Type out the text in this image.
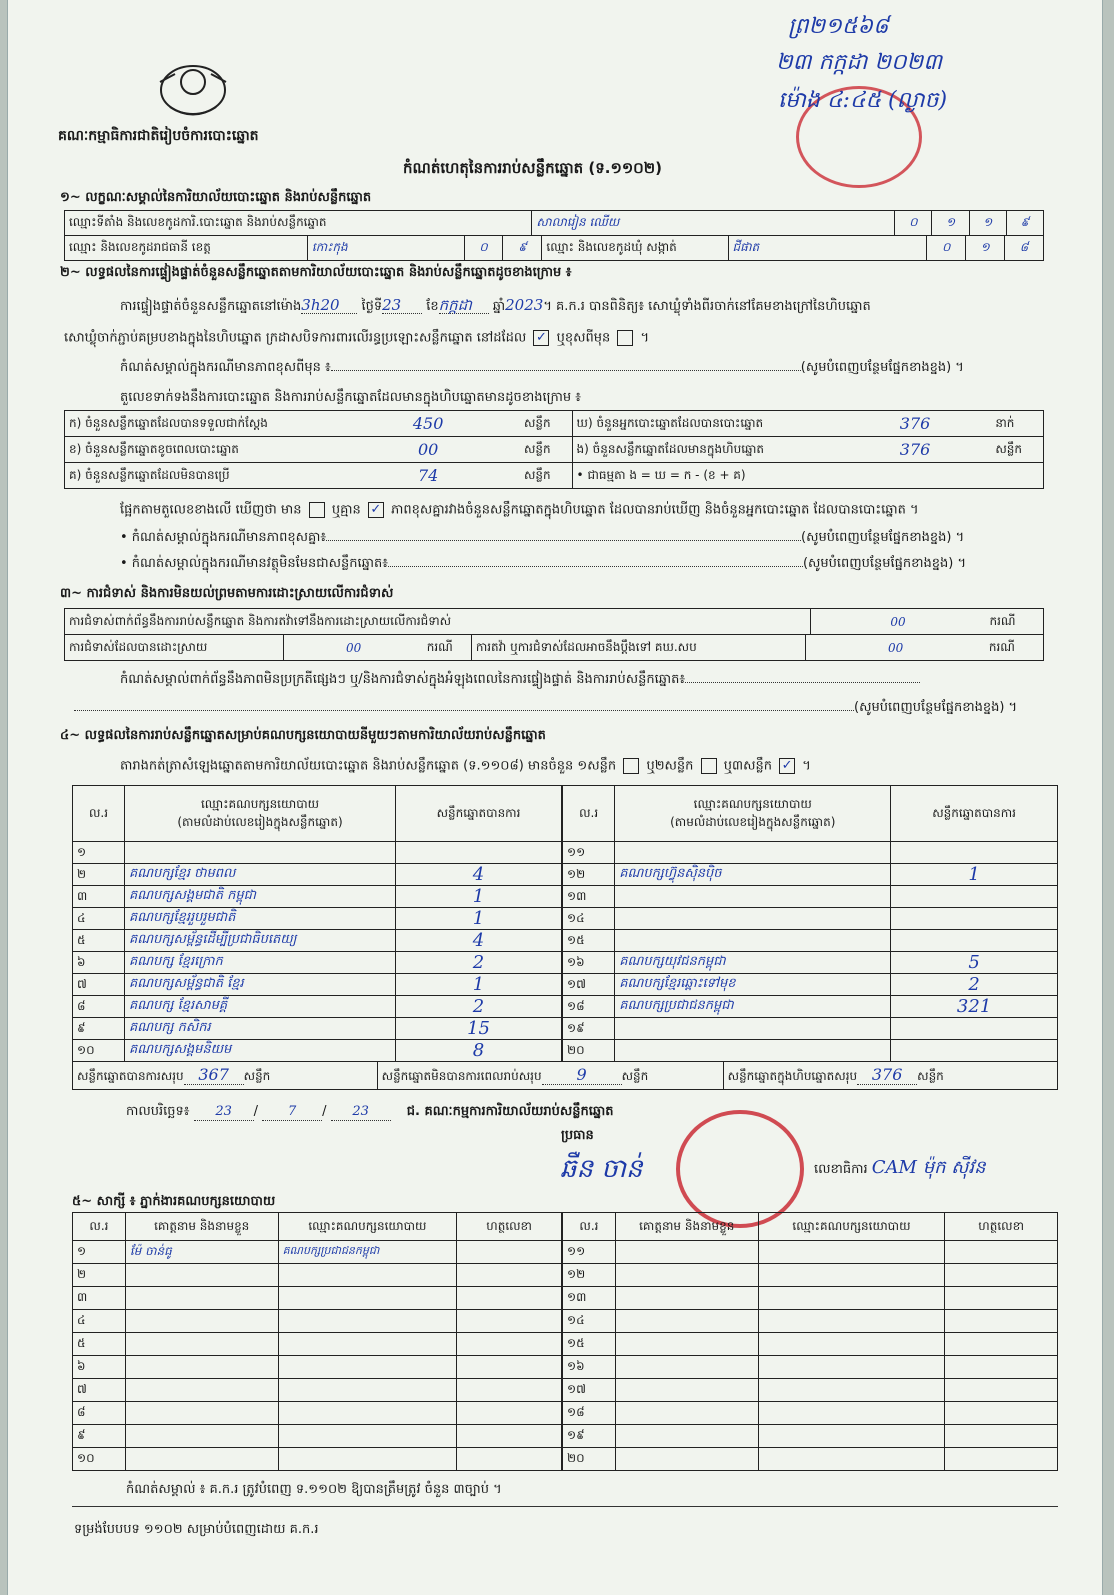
គណៈកម្មាធិការជាតិរៀបចំការបោះឆ្នោត
កំណត់ហេតុនៃការរាប់សន្លឹកឆ្នោត (ទ.១១០២)
ព្រ២១៥៦៨
២៣ កក្កដា ២០២៣
ម៉ោង ៤:៤៥ (ល្ងាច)
១~ លក្ខណៈសម្គាល់នៃការិយាល័យបោះឆ្នោត និងរាប់សន្លឹកឆ្នោត
ឈ្មោះទីតាំង និងលេខកូដការិ.បោះឆ្នោត និងរាប់សន្លឹកឆ្នោត	សាលារៀន ឈើយ	០	១	១	៩
ឈ្មោះ និងលេខកូដរាជធានី ខេត្ត	កោះកុង	០	៩	ឈ្មោះ និងលេខកូដឃុំ សង្កាត់	ជីផាត	០	១	៨
២~ លទ្ធផលនៃការផ្ទៀងផ្ទាត់ចំនួនសន្លឹកឆ្នោតតាមការិយាល័យបោះឆ្នោត និងរាប់សន្លឹកឆ្នោតដូចខាងក្រោម ៖
ការផ្ទៀងផ្ទាត់ចំនួនសន្លឹកឆ្នោតនៅម៉ោង3h20 ថ្ងៃទី23 ខែកក្កដា ឆ្នាំ2023។ គ.ក.រ បានពិនិត្យ៖ សោឃ្លុំទាំងពីរចាក់នៅគែមខាងក្រៅនៃហិបឆ្នោត
សោឃ្លុំចាក់ភ្ជាប់គម្របខាងក្នុងនៃហិបឆ្នោត ក្រដាសបិទការពារលើរន្ធប្រឡោះសន្លឹកឆ្នោត នៅដដែល ✓ ឬខុសពីមុន  ។
កំណត់សម្គាល់ក្នុងករណីមានភាពខុសពីមុន ៖	(សូមបំពេញបន្ថែមផ្នែកខាងខ្នង) ។
តួលេខទាក់ទងនឹងការបោះឆ្នោត និងការរាប់សន្លឹកឆ្នោតដែលមានក្នុងហិបឆ្នោតមានដូចខាងក្រោម ៖
ក) ចំនួនសន្លឹកឆ្នោតដែលបានទទួលជាក់ស្តែង	450	សន្លឹក	ឃ) ចំនួនអ្នកបោះឆ្នោតដែលបានបោះឆ្នោត	376	នាក់
ខ) ចំនួនសន្លឹកឆ្នោតខូចពេលបោះឆ្នោត	00	សន្លឹក	ង) ចំនួនសន្លឹកឆ្នោតដែលមានក្នុងហិបឆ្នោត	376	សន្លឹក
គ) ចំនួនសន្លឹកឆ្នោតដែលមិនបានប្រើ	74	សន្លឹក	• ជាធម្មតា ង = ឃ = ក - (ខ + គ)		
ផ្អែកតាមតួលេខខាងលើ ឃើញថា មាន ឬគ្មាន ✓ ភាពខុសគ្នារវាងចំនួនសន្លឹកឆ្នោតក្នុងហិបឆ្នោត ដែលបានរាប់ឃើញ និងចំនួនអ្នកបោះឆ្នោត ដែលបានបោះឆ្នោត ។
• កំណត់សម្គាល់ក្នុងករណីមានភាពខុសគ្នា៖	(សូមបំពេញបន្ថែមផ្នែកខាងខ្នង) ។
• កំណត់សម្គាល់ក្នុងករណីមានវត្ថុមិនមែនជាសន្លឹកឆ្នោត៖	(សូមបំពេញបន្ថែមផ្នែកខាងខ្នង) ។
៣~ ការជំទាស់ និងការមិនយល់ព្រមតាមការដោះស្រាយលើការជំទាស់
ការជំទាស់ពាក់ព័ន្ធនឹងការរាប់សន្លឹកឆ្នោត និងការតវ៉ាទៅនឹងការដោះស្រាយលើការជំទាស់	00	ករណី
ការជំទាស់ដែលបានដោះស្រាយ	00	ករណី	ការតវ៉ា ឬការជំទាស់ដែលអាចនឹងប្តឹងទៅ គឃ.សប	00	ករណី
កំណត់សម្គាល់ពាក់ព័ន្ធនឹងភាពមិនប្រក្រតីផ្សេងៗ ឬ/និងការជំទាស់ក្នុងអំឡុងពេលនៃការផ្ទៀងផ្ទាត់ និងការរាប់សន្លឹកឆ្នោត៖
(សូមបំពេញបន្ថែមផ្នែកខាងខ្នង) ។
៤~ លទ្ធផលនៃការរាប់សន្លឹកឆ្នោតសម្រាប់គណបក្សនយោបាយនីមួយៗតាមការិយាល័យរាប់សន្លឹកឆ្នោត
តារាងកត់ត្រាសំឡេងឆ្នោតតាមការិយាល័យបោះឆ្នោត និងរាប់សន្លឹកឆ្នោត (ទ.១១០៨) មានចំនួន ១សន្លឹក ឬ២សន្លឹក ឬ៣សន្លឹក ✓ ។
ល.រ	ឈ្មោះគណបក្សនយោបាយ
(តាមលំដាប់លេខរៀងក្នុងសន្លឹកឆ្នោត)	សន្លឹកឆ្នោតបានការ
១		
២	គណបក្សខ្មែរ ថាមពល	4
៣	គណបក្សសង្គមជាតិ កម្ពុជា	1
៤	គណបក្សខ្មែររួបរួមជាតិ	1
៥	គណបក្សសម្ព័ន្ធដើម្បីប្រជាធិបតេយ្យ	4
៦	គណបក្ស ខ្មែរក្រោក	2
៧	គណបក្សសម្ព័ន្ធជាតិ ខ្មែរ	1
៨	គណបក្ស ខ្មែរសាមគ្គី	2
៩	គណបក្ស កសិករ	15
១០	គណបក្សសង្គមនិយម	8
ល.រ	ឈ្មោះគណបក្សនយោបាយ
(តាមលំដាប់លេខរៀងក្នុងសន្លឹកឆ្នោត)	សន្លឹកឆ្នោតបានការ
១១		
១២	គណបក្សហ៊្វុនស៊ិនប៉ិច	1
១៣		
១៤		
១៥		
១៦	គណបក្សយុវជនកម្ពុជា	5
១៧	គណបក្សខ្មែរឆ្ពោះទៅមុខ	2
១៨	គណបក្សប្រជាជនកម្ពុជា	321
១៩		
២០		
សន្លឹកឆ្នោតបានការសរុប 367 សន្លឹក	សន្លឹកឆ្នោតមិនបានការពេលរាប់សរុប 9	សន្លឹក	សន្លឹកឆ្នោតក្នុងហិបឆ្នោតសរុប 376 សន្លឹក
កាលបរិច្ឆេទ៖ 23 / 7 / 23	ជ. គណៈកម្មការការិយាល័យរាប់សន្លឹកឆ្នោត
ប្រធាន
ឆឺន ចាន់	លេខាធិការ CAM ម៉ុក ស៊ីវន
៥~ សាក្សី ៖ ភ្នាក់ងារគណបក្សនយោបាយ
ល.រ	គោត្តនាម និងនាមខ្លួន	ឈ្មោះគណបក្សនយោបាយ	ហត្ថលេខា
១	ម៉ែ ចាន់ធូ	គណបក្សប្រជាជនកម្ពុជា	
២			
៣			
៤			
៥			
៦			
៧			
៨			
៩			
១០			
ល.រ	គោត្តនាម និងនាមខ្លួន	ឈ្មោះគណបក្សនយោបាយ	ហត្ថលេខា
១១			
១២			
១៣			
១៤			
១៥			
១៦			
១៧			
១៨			
១៩			
២០			
កំណត់សម្គាល់ ៖ គ.ក.រ ត្រូវបំពេញ ទ.១១០២ ឱ្យបានត្រឹមត្រូវ ចំនួន ៣ច្បាប់ ។
ទម្រង់បែបបទ ១១០២ សម្រាប់បំពេញដោយ គ.ក.រ
